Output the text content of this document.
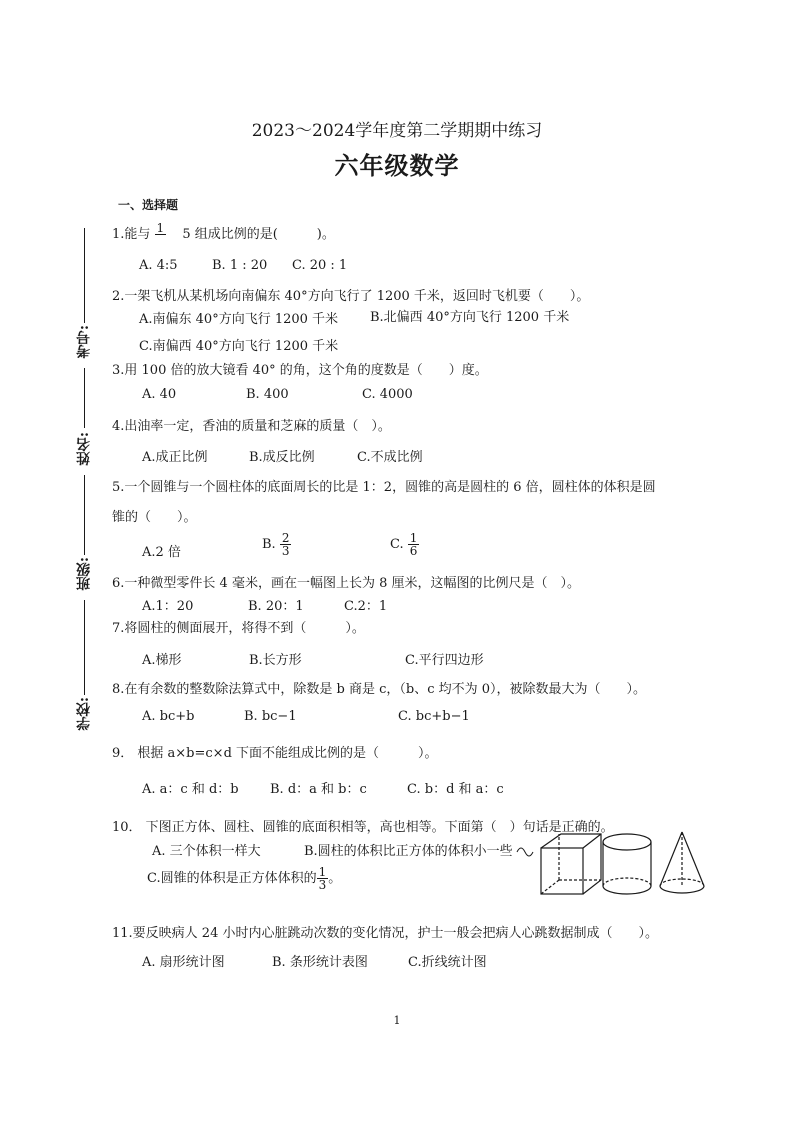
2023～2024学年度第二学期期中练习
六年级数学
考号:
姓名:
班级:
学校:
一、选择题
1.能与 1
5 组成比例的是(　　　)。
A. 4:5	B. 1 : 20 C. 20 : 1
2.一架飞机从某机场向南偏东 40°方向飞行了 1200 千米，返回时飞机要（　　）。
A.南偏东 40°方向飞行 1200 千米 B.北偏西 40°方向飞行 1200 千米
C.南偏西 40°方向飞行 1200 千米
3.用 100 倍的放大镜看 40° 的角，这个角的度数是（　　）度。
A. 40	B. 400	C. 4000
4.出油率一定，香油的质量和芝麻的质量（　）。
A.成正比例	B.成反比例	C.不成比例
5.一个圆锥与一个圆柱体的底面周长的比是 1：2，圆锥的高是圆柱的 6 倍，圆柱体的体积是圆
锥的（　　）。
A.2 倍
B. $\frac{2}{3}$	C. $\frac{1}{6}$
6.一种微型零件长 4 毫米，画在一幅图上长为 8 厘米，这幅图的比例尺是（　）。
A.1：20	B. 20：1	C.2：1
7.将圆柱的侧面展开，将得不到（　　　）。
A.梯形	B.长方形	C.平行四边形
8.在有余数的整数除法算式中，除数是 b 商是 c，（b、c 均不为 0），被除数最大为（　　）。
A. bc+b	B. bc−1	C. bc+b−1
9． 根据 a×b=c×d 下面不能组成比例的是（　　　）。
A. a：c 和 d：b B. d：a 和 b：c	C. b：d 和 a：c
10． 下图正方体、圆柱、圆锥的底面积相等，高也相等。下面第（　）句话是正确的。
A. 三个体积一样大	B.圆柱的体积比正方体的体积小一些
C.圆锥的体积是正方体体积的 $\frac{1}{3}$ 。
11.要反映病人 24 小时内心脏跳动次数的变化情况，护士一般会把病人心跳数据制成（　　）。
A. 扇形统计图	B. 条形统计表图	C.折线统计图
1
